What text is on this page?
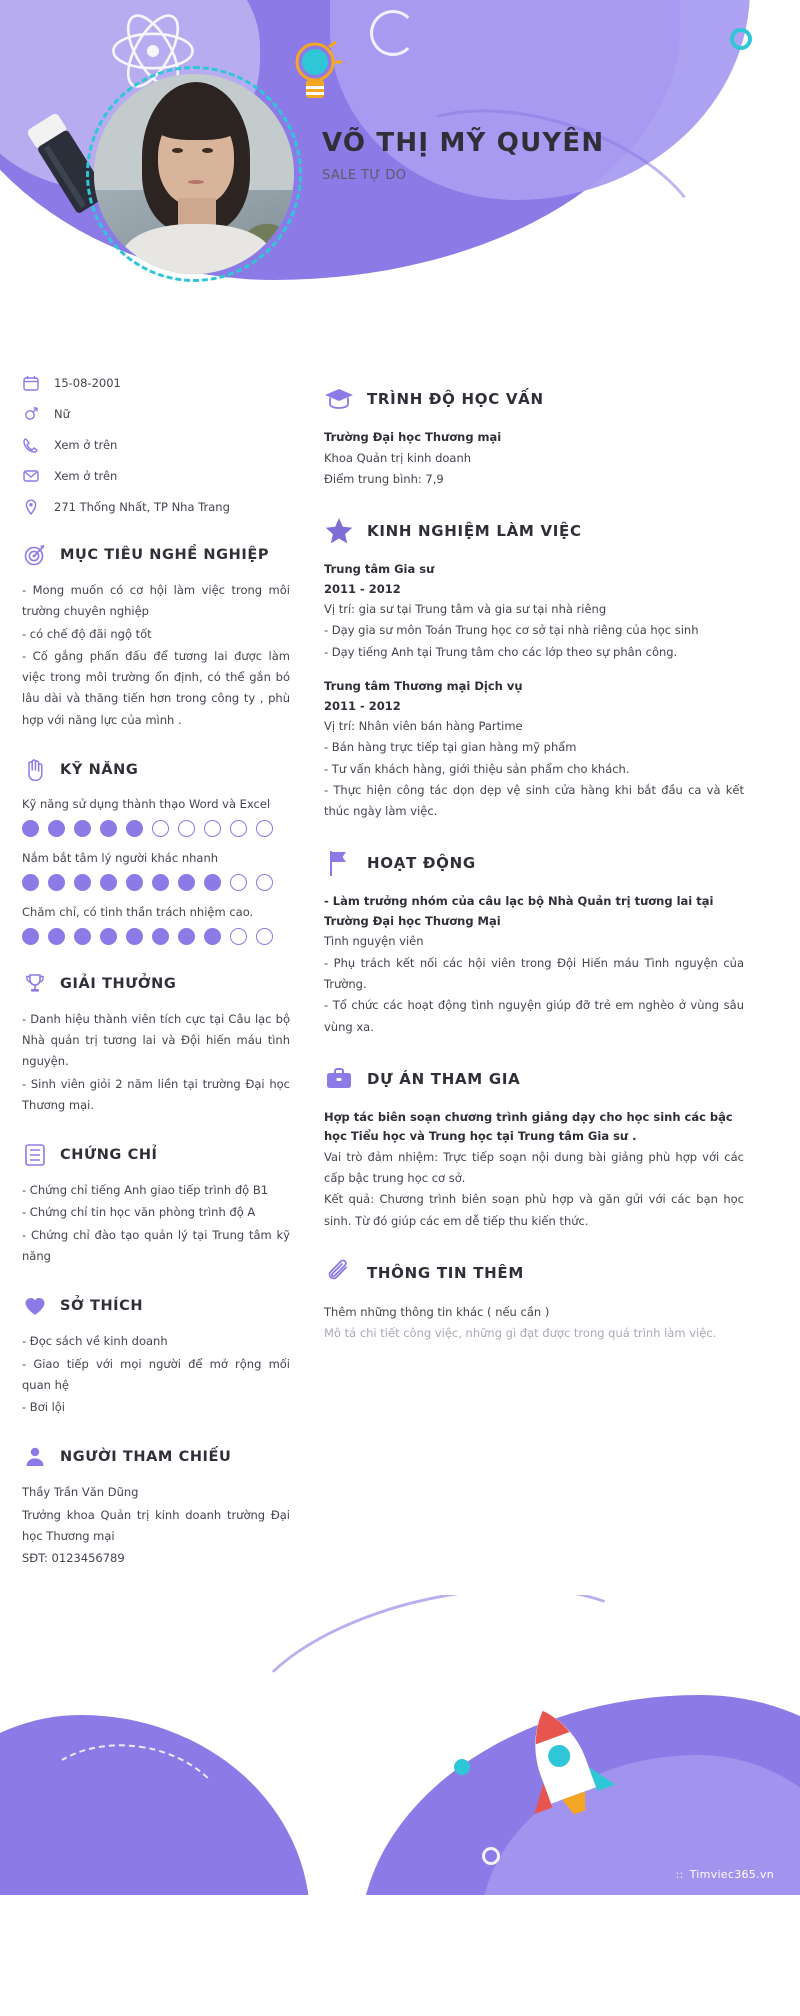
VÕ THỊ MỸ QUYÊN
SALE TỰ DO
15-08-2001
Nữ
Xem ở trên
Xem ở trên
271 Thống Nhất, TP Nha Trang
MỤC TIÊU NGHỀ NGHIỆP
- Mong muốn có cơ hội làm việc trong môi trường chuyên nghiệp
- có chế độ đãi ngộ tốt
- Cố gắng phấn đấu để tương lai được làm việc trong môi trường ổn định, có thể gắn bó lâu dài và thăng tiến hơn trong công ty , phù hợp với năng lực của mình .
KỸ NĂNG
Kỹ năng sử dụng thành thạo Word và Excel
Nắm bắt tâm lý người khác nhanh
Chăm chỉ, có tinh thần trách nhiệm cao.
GIẢI THƯỞNG
- Danh hiệu thành viên tích cực tại Câu lạc bộ Nhà quản trị tương lai và Đội hiến máu tình nguyện.
- Sinh viên giỏi 2 năm liền tại trường Đại học Thương mại.
CHỨNG CHỈ
- Chứng chỉ tiếng Anh giao tiếp trình độ B1
- Chứng chỉ tin học văn phòng trình độ A
- Chứng chỉ đào tạo quản lý tại Trung tâm kỹ năng
SỞ THÍCH
- Đọc sách về kinh doanh
- Giao tiếp với mọi người để mở rộng mối quan hệ
- Bơi lội
NGƯỜI THAM CHIẾU
Thầy Trần Văn Dũng
Trưởng khoa Quản trị kinh doanh trường Đại học Thương mại
SĐT: 0123456789
TRÌNH ĐỘ HỌC VẤN
Trường Đại học Thương mại
Khoa Quản trị kinh doanh
Điểm trung bình: 7,9
KINH NGHIỆM LÀM VIỆC
Trung tâm Gia sư
2011 - 2012
Vị trí: gia sư tại Trung tâm và gia sư tại nhà riêng
- Dạy gia sư môn Toán Trung học cơ sở tại nhà riêng của học sinh
- Dạy tiếng Anh tại Trung tâm cho các lớp theo sự phân công.
Trung tâm Thương mại Dịch vụ
2011 - 2012
Vị trí: Nhân viên bán hàng Partime
- Bán hàng trực tiếp tại gian hàng mỹ phẩm
- Tư vấn khách hàng, giới thiệu sản phẩm cho khách.
- Thực hiện công tác dọn dẹp vệ sinh cửa hàng khi bắt đầu ca và kết thúc ngày làm việc.
HOẠT ĐỘNG
- Làm trưởng nhóm của câu lạc bộ Nhà Quản trị tương lai tại Trường Đại học Thương Mại
Tình nguyện viên
- Phụ trách kết nối các hội viên trong Đội Hiến máu Tình nguyện của Trường.
- Tổ chức các hoạt động tình nguyện giúp đỡ trẻ em nghèo ở vùng sâu vùng xa.
DỰ ÁN THAM GIA
Hợp tác biên soạn chương trình giảng dạy cho học sinh các bậc học Tiểu học và Trung học tại Trung tâm Gia sư .
Vai trò đảm nhiệm: Trực tiếp soạn nội dung bài giảng phù hợp với các cấp bậc trung học cơ sở.
Kết quả: Chương trình biên soạn phù hợp và găn gửi với các bạn học sinh. Từ đó giúp các em dễ tiếp thu kiến thức.
THÔNG TIN THÊM
Thêm những thông tin khác ( nếu cần )
Mô tả chi tiết công việc, những gì đạt được trong quá trình làm việc.
:: Timviec365.vn
